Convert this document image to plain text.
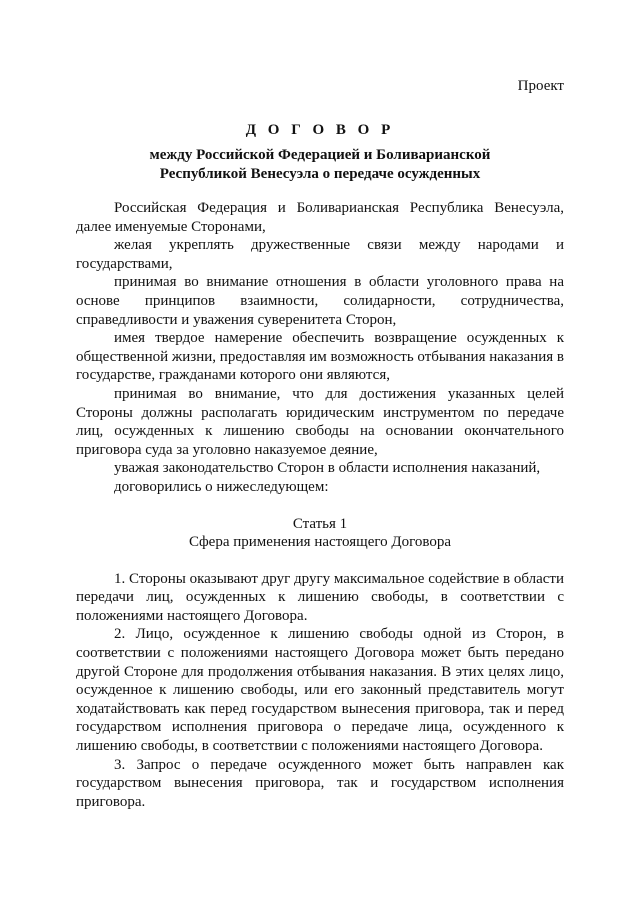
Проект
Д О Г О В О Р
между Российской Федерацией и Боливарианской
Республикой Венесуэла о передаче осужденных

Российская Федерация и Боливарианская Республика Венесуэла, далее именуемые Сторонами,

желая укреплять дружественные связи между народами и государствами,

принимая во внимание отношения в области уголовного права на основе принципов взаимности, солидарности, сотрудничества, справедливости и уважения суверенитета Сторон,

имея твердое намерение обеспечить возвращение осужденных к общественной жизни, предоставляя им возможность отбывания наказания в государстве, гражданами которого они являются,

принимая во внимание, что для достижения указанных целей Стороны должны располагать юридическим инструментом по передаче лиц, осужденных к лишению свободы на основании окончательного приговора суда за уголовно наказуемое деяние,

уважая законодательство Сторон в области исполнения наказаний,

договорились о нижеследующем:

Статья 1

Сфера применения настоящего Договора

1. Стороны оказывают друг другу максимальное содействие в области передачи лиц, осужденных к лишению свободы, в соответствии с положениями настоящего Договора.

2. Лицо, осужденное к лишению свободы одной из Сторон, в соответствии с положениями настоящего Договора может быть передано другой Стороне для продолжения отбывания наказания. В этих целях лицо, осужденное к лишению свободы, или его законный представитель могут ходатайствовать как перед государством вынесения приговора, так и перед государством исполнения приговора о передаче лица, осужденного к лишению свободы, в соответствии с положениями настоящего Договора.

3. Запрос о передаче осужденного может быть направлен как государством вынесения приговора, так и государством исполнения приговора.
